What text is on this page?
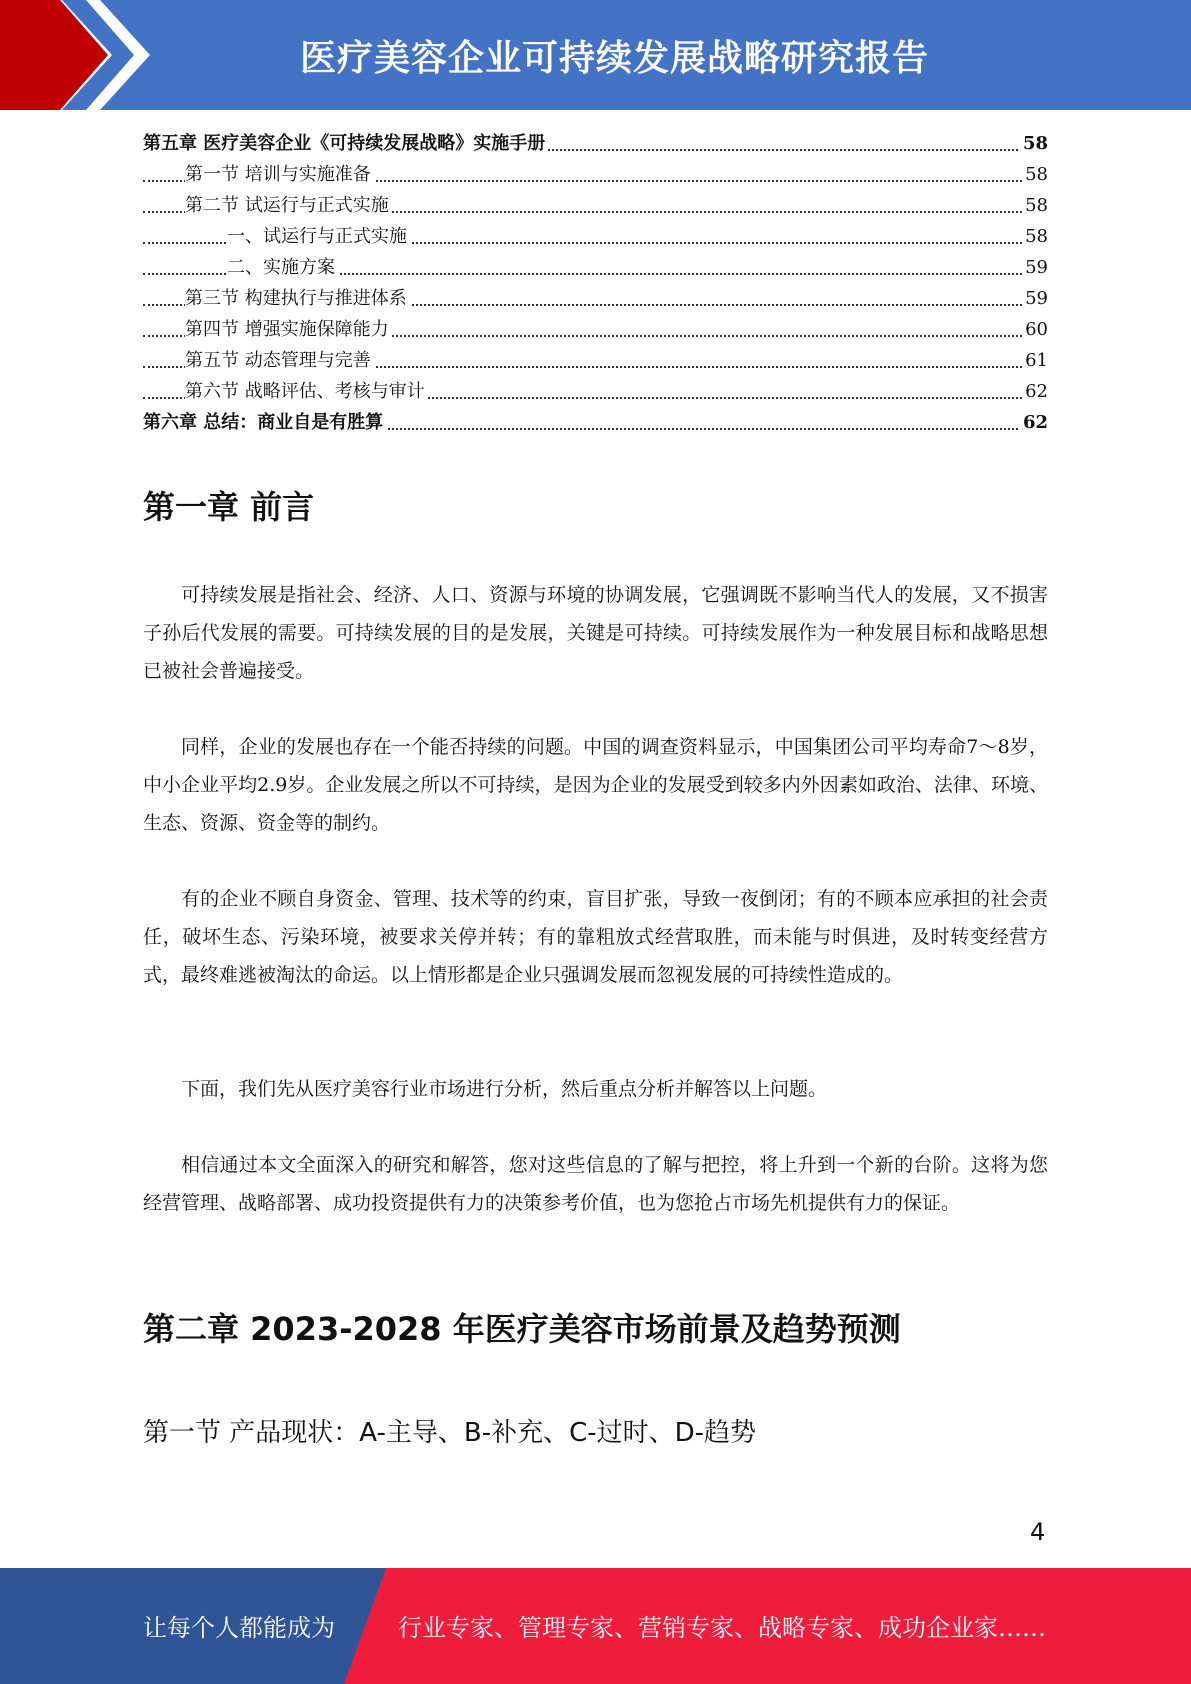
医疗美容企业可持续发展战略研究报告
第五章 医疗美容企业《可持续发展战略》实施手册	58
第一节 培训与实施准备	58
第二节 试运行与正式实施	58
一、试运行与正式实施	58
二、实施方案	59
第三节 构建执行与推进体系	59
第四节 增强实施保障能力	60
第五节 动态管理与完善	61
第六节 战略评估、考核与审计	62
第六章 总结：商业自是有胜算	62
第一章 前言

可持续发展是指社会、经济、人口、资源与环境的协调发展，它强调既不影响当代人的发展，又不损害子孙后代发展的需要。可持续发展的目的是发展，关键是可持续。可持续发展作为一种发展目标和战略思想已被社会普遍接受。

同样，企业的发展也存在一个能否持续的问题。中国的调查资料显示，中国集团公司平均寿命7～8岁，中小企业平均2.9岁。企业发展之所以不可持续，是因为企业的发展受到较多内外因素如政治、法律、环境、生态、资源、资金等的制约。

有的企业不顾自身资金、管理、技术等的约束，盲目扩张，导致一夜倒闭；有的不顾本应承担的社会责任，破坏生态、污染环境，被要求关停并转；有的靠粗放式经营取胜，而未能与时俱进，及时转变经营方式，最终难逃被淘汰的命运。以上情形都是企业只强调发展而忽视发展的可持续性造成的。

下面，我们先从医疗美容行业市场进行分析，然后重点分析并解答以上问题。

相信通过本文全面深入的研究和解答，您对这些信息的了解与把控，将上升到一个新的台阶。这将为您经营管理、战略部署、成功投资提供有力的决策参考价值，也为您抢占市场先机提供有力的保证。

第二章 2023-2028 年医疗美容市场前景及趋势预测
第一节 产品现状：A-主导、B-补充、C-过时、D-趋势
4
让每个人都能成为	行业专家、管理专家、营销专家、战略专家、成功企业家……
